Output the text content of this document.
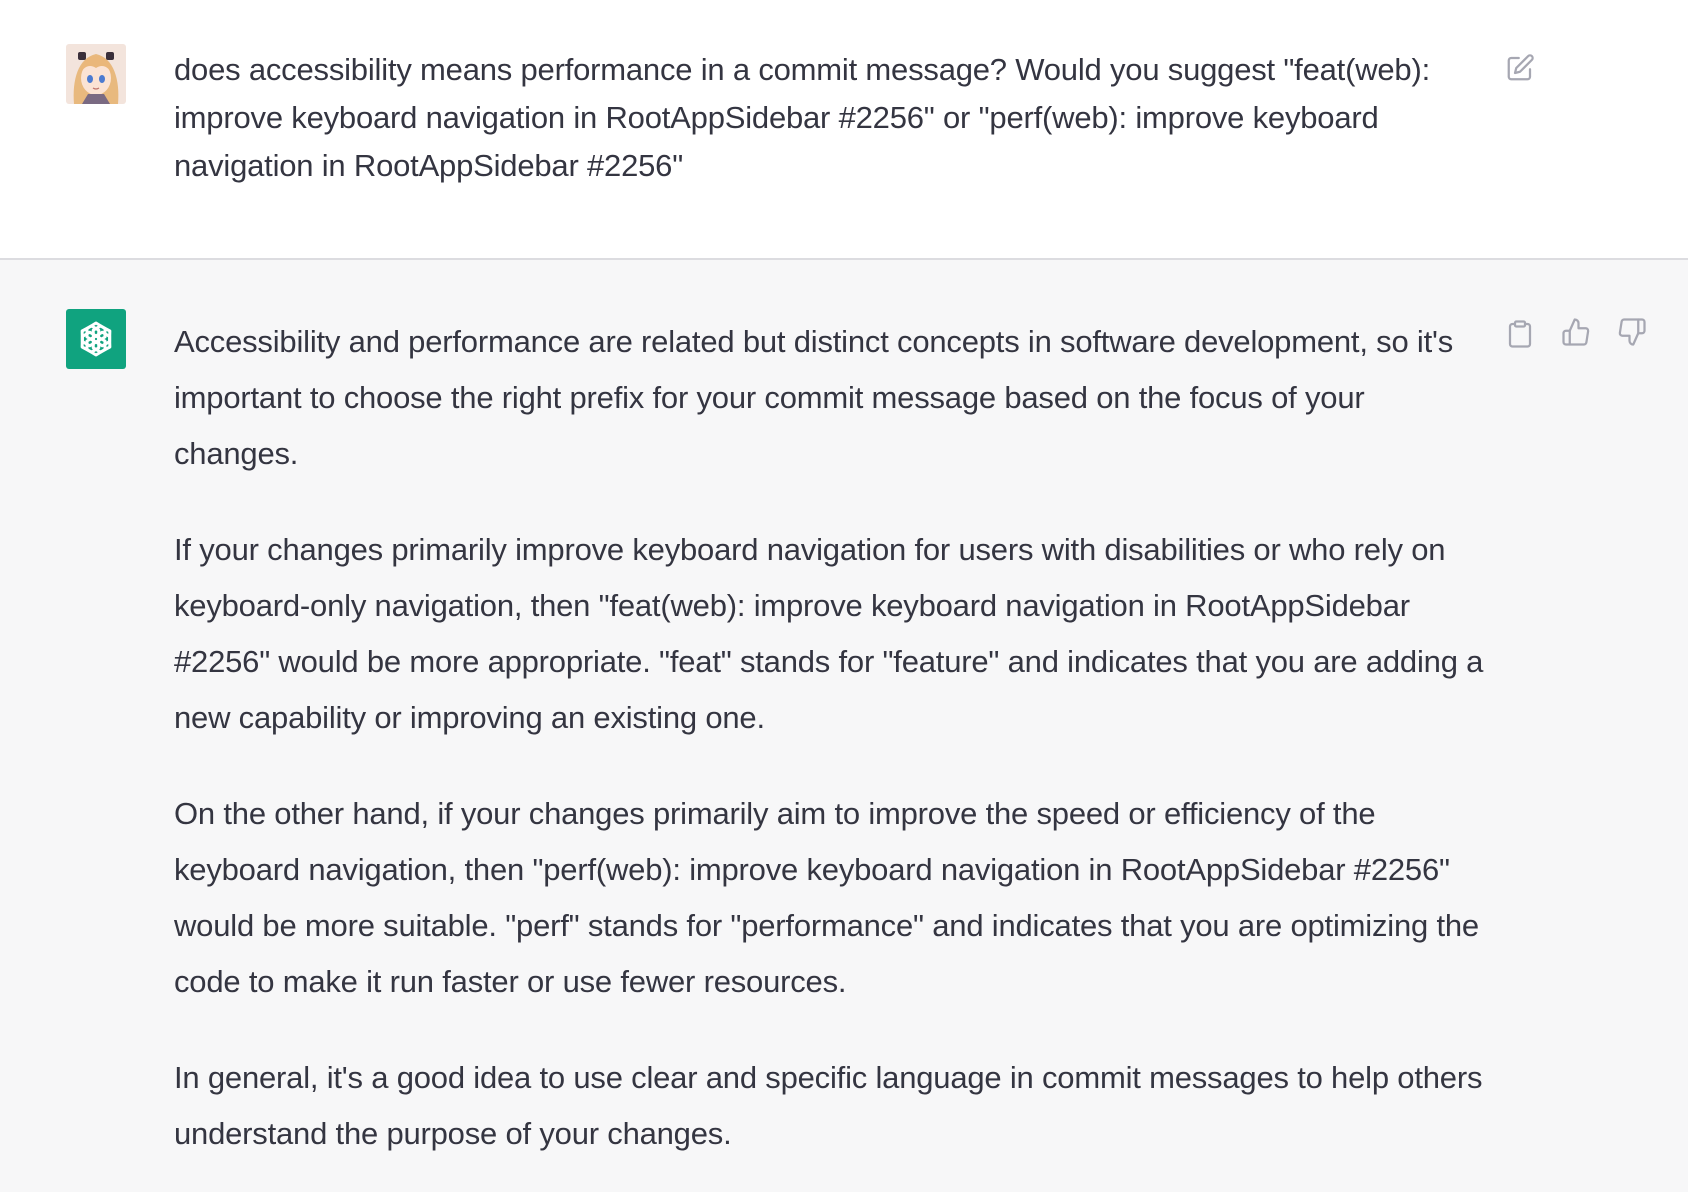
does accessibility means performance in a commit message? Would you suggest "feat(web): improve keyboard navigation in RootAppSidebar #2256" or "perf(web): improve keyboard navigation in RootAppSidebar #2256"

Accessibility and performance are related but distinct concepts in software development, so it's important to choose the right prefix for your commit message based on the focus of your changes.

If your changes primarily improve keyboard navigation for users with disabilities or who rely on keyboard-only navigation, then "feat(web): improve keyboard navigation in RootAppSidebar #2256" would be more appropriate. "feat" stands for "feature" and indicates that you are adding a new capability or improving an existing one.

On the other hand, if your changes primarily aim to improve the speed or efficiency of the keyboard navigation, then "perf(web): improve keyboard navigation in RootAppSidebar #2256" would be more suitable. "perf" stands for "performance" and indicates that you are optimizing the code to make it run faster or use fewer resources.

In general, it's a good idea to use clear and specific language in commit messages to help others understand the purpose of your changes.
